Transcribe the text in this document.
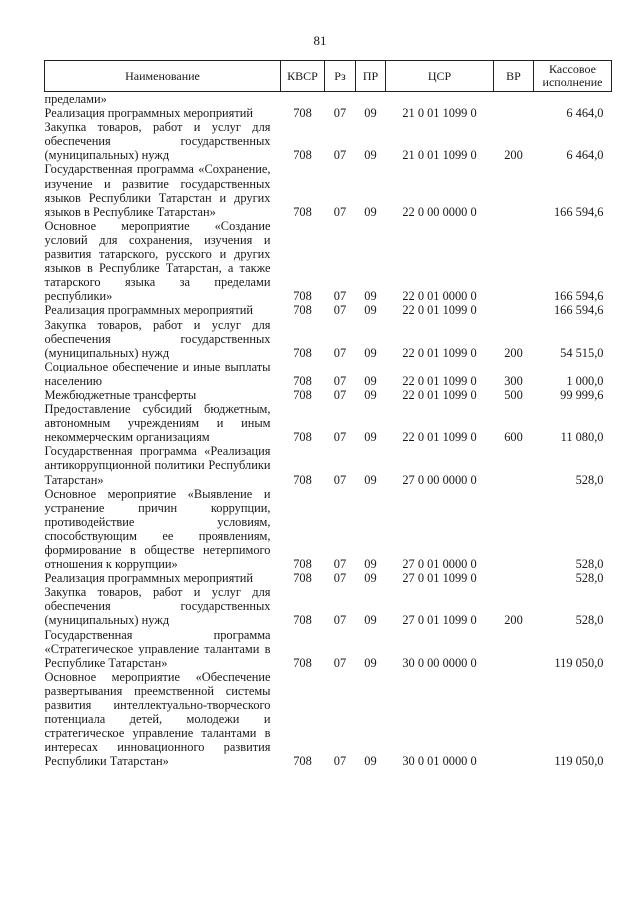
81
Наименование	КВСР	Рз	ПР	ЦСР	ВР	Кассовое исполнение
пределами»						
Реализация программных мероприятий	708	07	09	21 0 01 1099 0		6 464,0
Закупка товаров, работ и услуг для обеспечения государственных (муниципальных) нужд	708	07	09	21 0 01 1099 0	200	6 464,0
Государственная программа «Сохранение, изучение и развитие государственных языков Республики Татарстан и других языков в Республике Татарстан»	708	07	09	22 0 00 0000 0		166 594,6
Основное мероприятие «Создание условий для сохранения, изучения и развития татарского, русского и других языков в Республике Татарстан, а также татарского языка за пределами республики»	708	07	09	22 0 01 0000 0		166 594,6
Реализация программных мероприятий	708	07	09	22 0 01 1099 0		166 594,6
Закупка товаров, работ и услуг для обеспечения государственных (муниципальных) нужд	708	07	09	22 0 01 1099 0	200	54 515,0
Социальное обеспечение и иные выплаты населению	708	07	09	22 0 01 1099 0	300	1 000,0
Межбюджетные трансферты	708	07	09	22 0 01 1099 0	500	99 999,6
Предоставление субсидий бюджетным, автономным учреждениям и иным некоммерческим организациям	708	07	09	22 0 01 1099 0	600	11 080,0
Государственная программа «Реализация антикоррупционной политики Республики Татарстан»	708	07	09	27 0 00 0000 0		528,0
Основное мероприятие «Выявление и устранение причин коррупции, противодействие условиям, способствующим ее проявлениям, формирование в обществе нетерпимого отношения к коррупции»	708	07	09	27 0 01 0000 0		528,0
Реализация программных мероприятий	708	07	09	27 0 01 1099 0		528,0
Закупка товаров, работ и услуг для обеспечения государственных (муниципальных) нужд	708	07	09	27 0 01 1099 0	200	528,0
Государственная программа «Стратегическое управление талантами в Республике Татарстан»	708	07	09	30 0 00 0000 0		119 050,0
Основное мероприятие «Обеспечение развертывания преемственной системы развития интеллектуально-творческого потенциала детей, молодежи и стратегическое управление талантами в интересах инновационного развития Республики Татарстан»	708	07	09	30 0 01 0000 0		119 050,0
